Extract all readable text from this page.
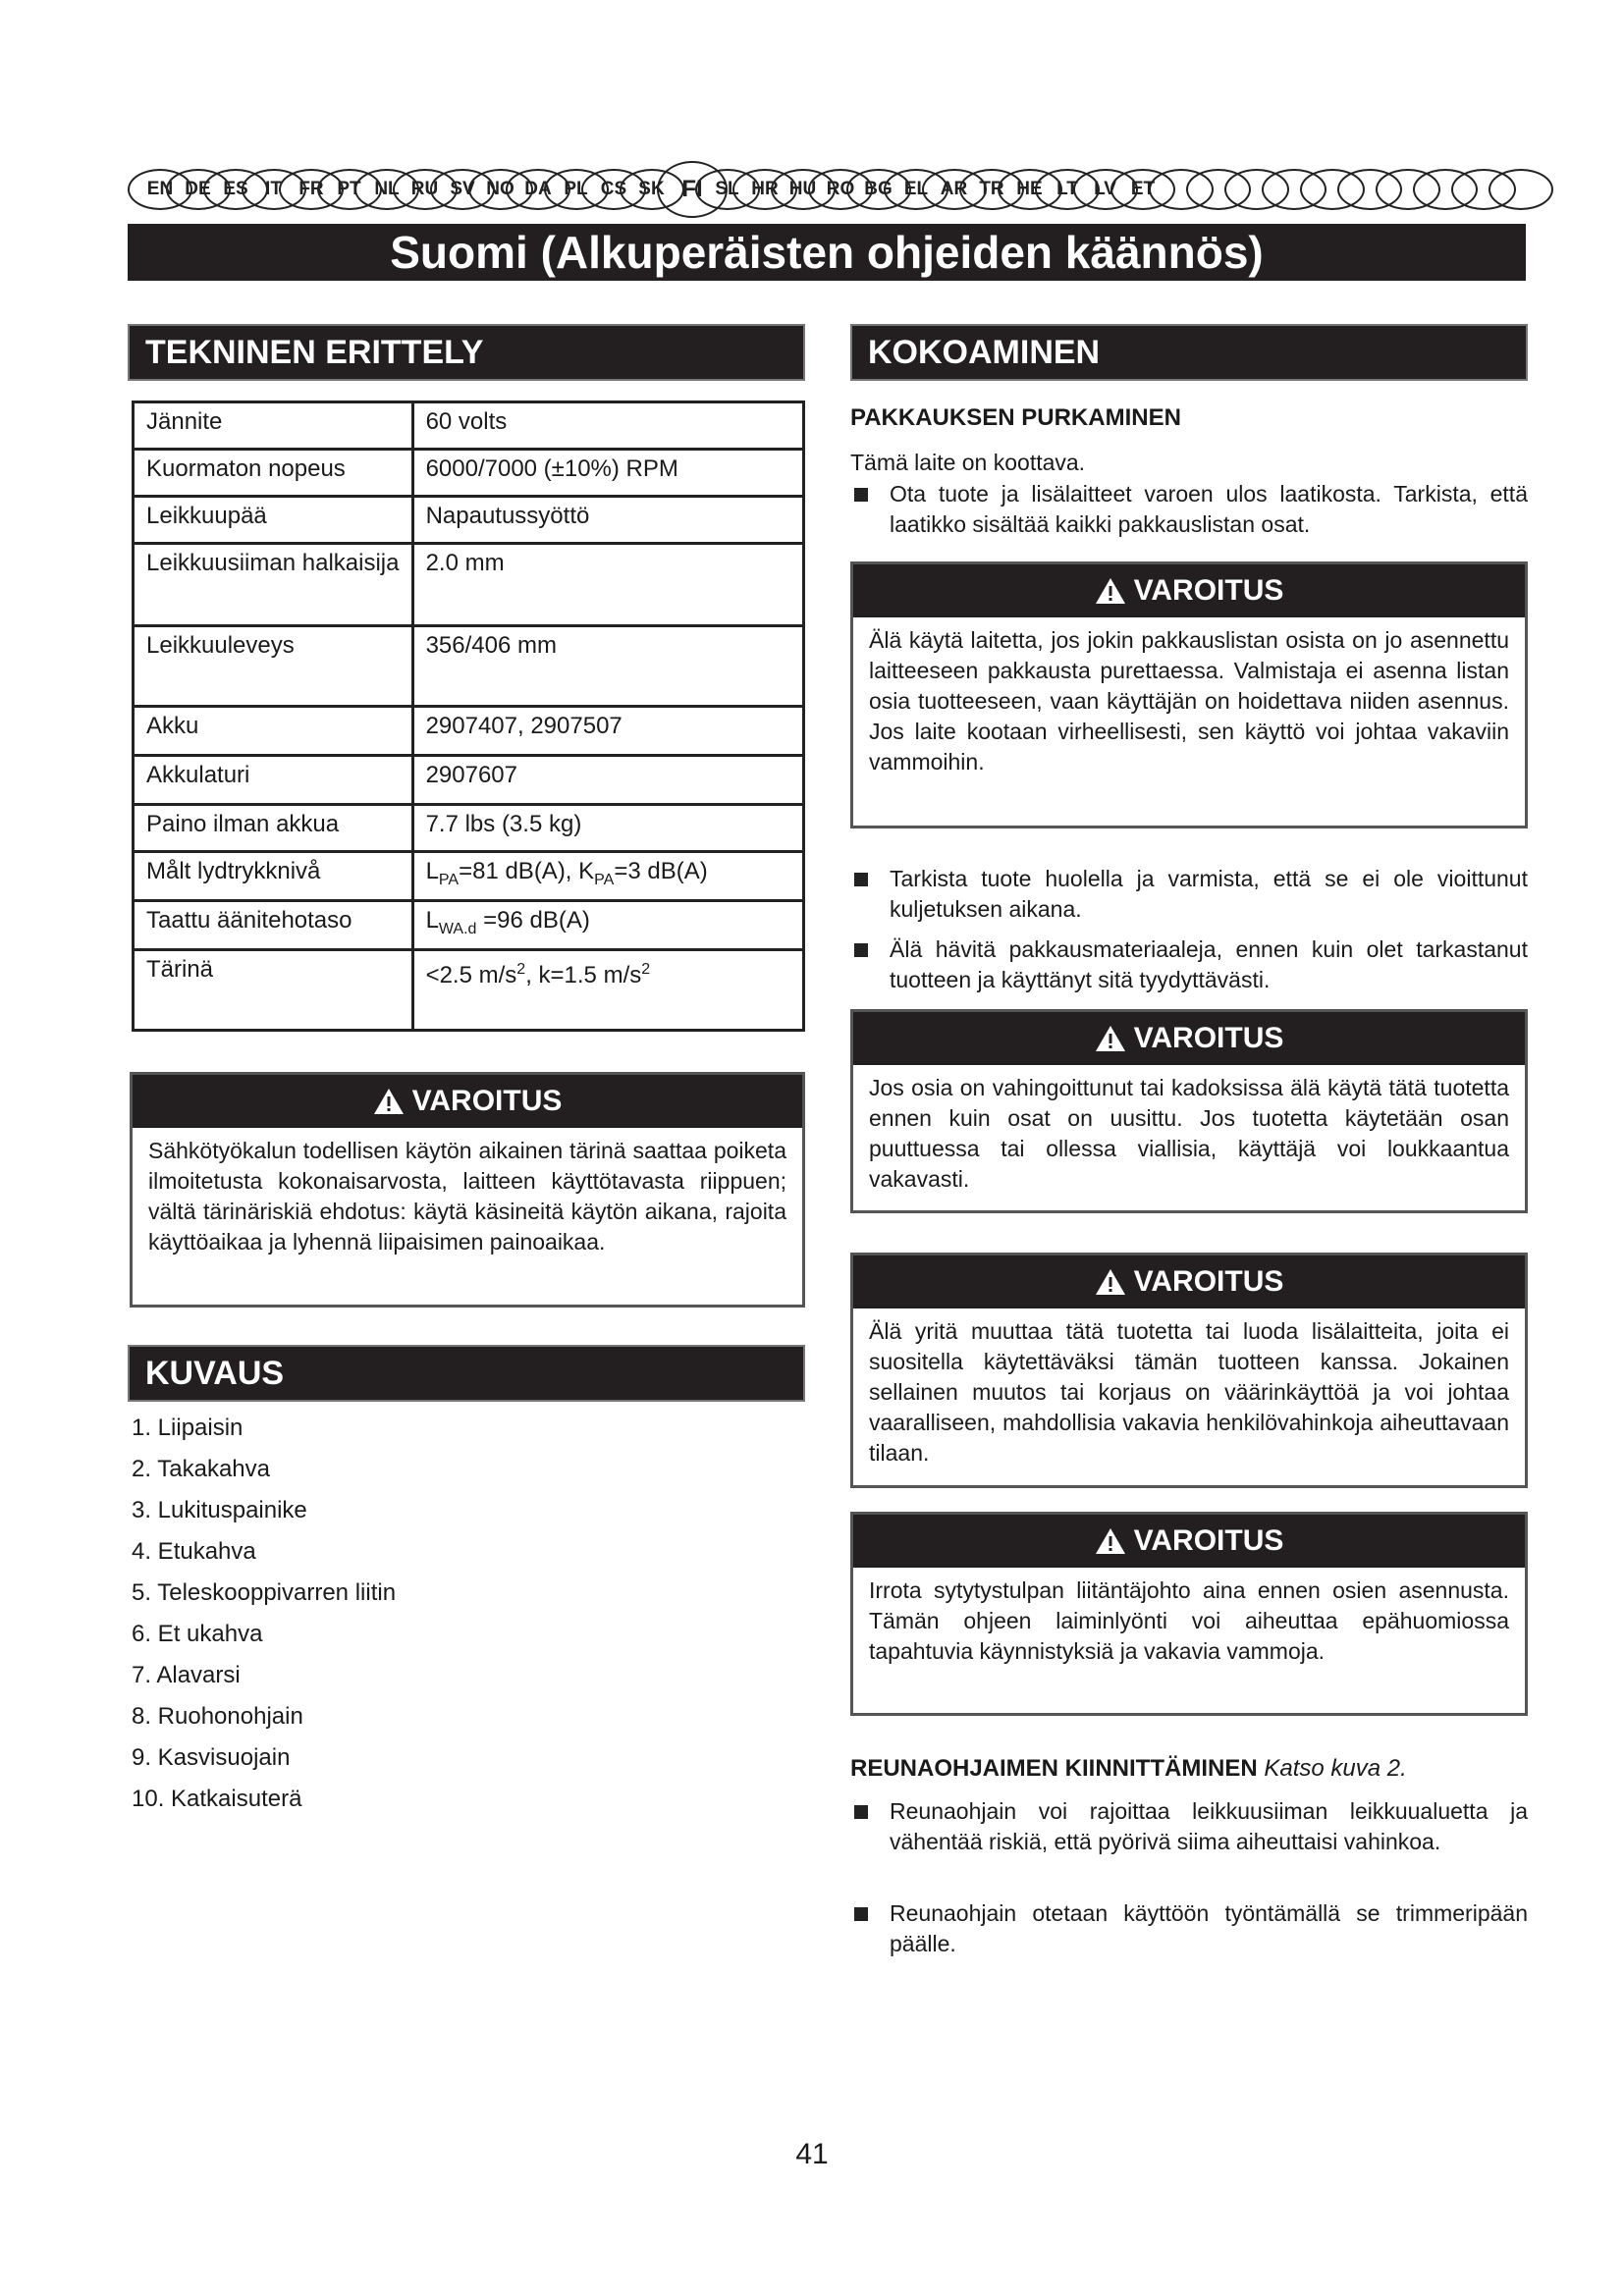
EN DE ES IT FR PT NL RU SV NO DA PL CS SK FI SL HR HU RO BG EL AR TR HE LT LV ET
Suomi (Alkuperäisten ohjeiden käännös)
TEKNINEN ERITTELY
Jännite	60 volts
Kuormaton nopeus	6000/7000 (±10%) RPM
Leikkuupää	Napautussyöttö
Leikkuusiiman halkaisija	2.0 mm
Leikkuuleveys	356/406 mm
Akku	2907407, 2907507
Akkulaturi	2907607
Paino ilman akkua	7.7 lbs (3.5 kg)
Målt lydtrykknivå	$L_{PA}=81$ dB(A), $K_{PA}=3$ dB(A)
Taattu äänitehotaso	$L_{WA.d} =96$ dB(A)
Tärinä	<2.5 $m/s^2$, k=1.5 $m/s^2$
VAROITUS
Sähkötyökalun todellisen käytön aikainen tärinä saattaa poiketa ilmoitetusta kokonaisarvosta, laitteen käyttötavasta riippuen; vältä tärinäriskiä ehdotus: käytä käsineitä käytön aikana, rajoita käyttöaikaa ja lyhennä liipaisimen painoaikaa.
KUVAUS
1. Liipaisin
2. Takakahva
3. Lukituspainike
4. Etukahva
5. Teleskooppivarren liitin
6. Et ukahva
7. Alavarsi
8. Ruohonohjain
9. Kasvisuojain
10. Katkaisuterä
KOKOAMINEN
PAKKAUKSEN PURKAMINEN
Tämä laite on koottava.
Ota tuote ja lisälaitteet varoen ulos laatikosta. Tarkista, että laatikko sisältää kaikki pakkauslistan osat.
VAROITUS
Älä käytä laitetta, jos jokin pakkauslistan osista on jo asennettu laitteeseen pakkausta purettaessa. Valmistaja ei asenna listan osia tuotteeseen, vaan käyttäjän on hoidettava niiden asennus. Jos laite kootaan virheellisesti, sen käyttö voi johtaa vakaviin vammoihin.
Tarkista tuote huolella ja varmista, että se ei ole vioittunut kuljetuksen aikana.
Älä hävitä pakkausmateriaaleja, ennen kuin olet tarkastanut tuotteen ja käyttänyt sitä tyydyttävästi.
VAROITUS
Jos osia on vahingoittunut tai kadoksissa älä käytä tätä tuotetta ennen kuin osat on uusittu. Jos tuotetta käytetään osan puuttuessa tai ollessa viallisia, käyttäjä voi loukkaantua vakavasti.
VAROITUS
Älä yritä muuttaa tätä tuotetta tai luoda lisälaitteita, joita ei suositella käytettäväksi tämän tuotteen kanssa. Jokainen sellainen muutos tai korjaus on väärinkäyttöä ja voi johtaa vaaralliseen, mahdollisia vakavia henkilövahinkoja aiheuttavaan tilaan.
VAROITUS
Irrota sytytystulpan liitäntäjohto aina ennen osien asennusta. Tämän ohjeen laiminlyönti voi aiheuttaa epähuomiossa tapahtuvia käynnistyksiä ja vakavia vammoja.
REUNAOHJAIMEN KIINNITTÄMINEN Katso kuva 2.
Reunaohjain voi rajoittaa leikkuusiiman leikkuualuetta ja vähentää riskiä, että pyörivä siima aiheuttaisi vahinkoa.
Reunaohjain otetaan käyttöön työntämällä se trimmeripään päälle.
41
